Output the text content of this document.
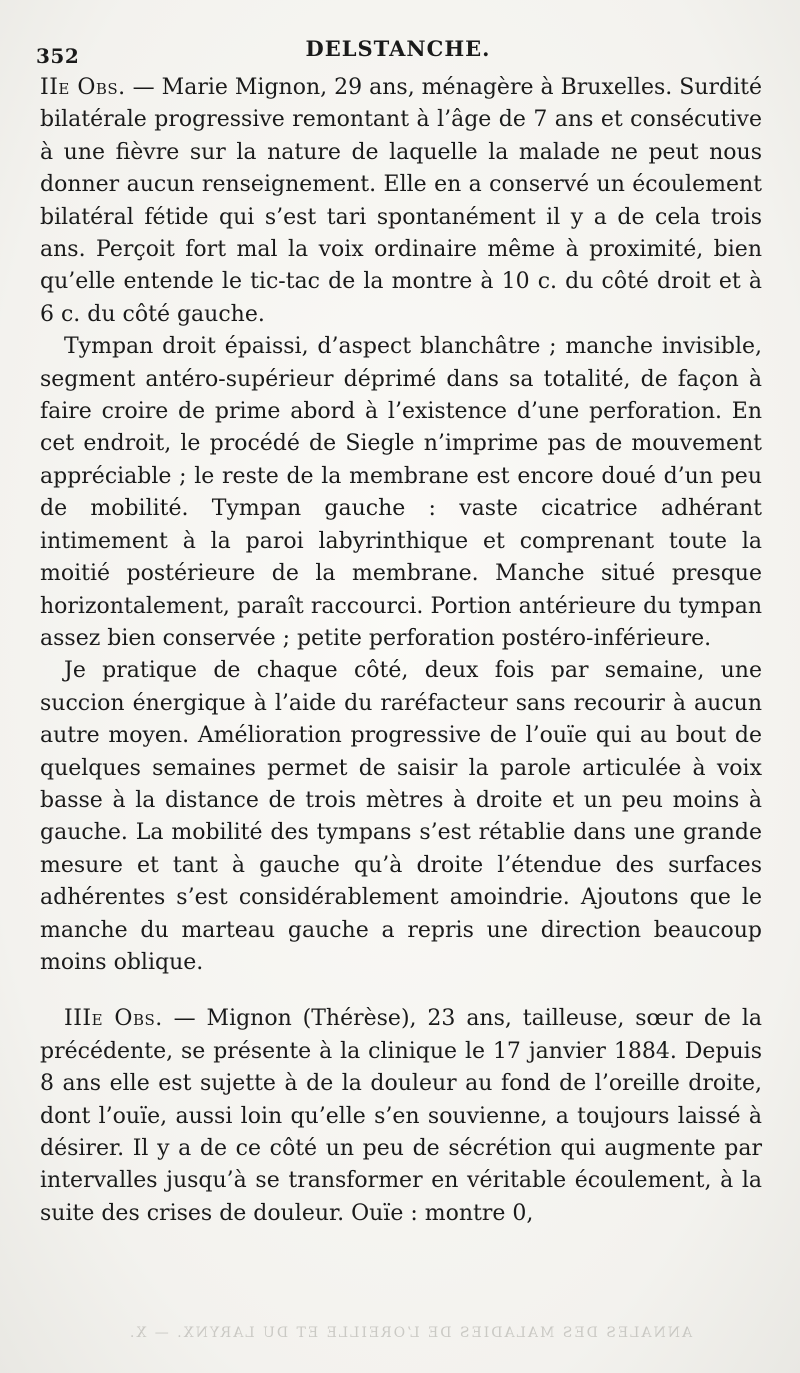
352	DELSTANCHE.

IIe Obs. — Marie Mignon, 29 ans, ménagère à Bruxelles. Surdité bilatérale progressive remontant à l’âge de 7 ans et consécutive à une fièvre sur la nature de laquelle la malade ne peut nous donner aucun renseignement. Elle en a conservé un écoulement bilatéral fétide qui s’est tari spontanément il y a de cela trois ans. Perçoit fort mal la voix ordinaire même à proximité, bien qu’elle entende le tic-tac de la montre à 10 c. du côté droit et à 6 c. du côté gauche.

Tympan droit épaissi, d’aspect blanchâtre ; manche invisible, segment antéro-supérieur déprimé dans sa totalité, de façon à faire croire de prime abord à l’existence d’une perforation. En cet endroit, le procédé de Siegle n’imprime pas de mouvement appréciable ; le reste de la membrane est encore doué d’un peu de mobilité. Tympan gauche : vaste cicatrice adhérant intimement à la paroi labyrinthique et comprenant toute la moitié postérieure de la membrane. Manche situé presque horizontalement, paraît raccourci. Portion antérieure du tympan assez bien conservée ; petite perforation postéro-inférieure.

Je pratique de chaque côté, deux fois par semaine, une succion énergique à l’aide du raréfacteur sans recourir à aucun autre moyen. Amélioration progressive de l’ouïe qui au bout de quelques semaines permet de saisir la parole articulée à voix basse à la distance de trois mètres à droite et un peu moins à gauche. La mobilité des tympans s’est rétablie dans une grande mesure et tant à gauche qu’à droite l’étendue des surfaces adhérentes s’est considérablement amoindrie. Ajoutons que le manche du marteau gauche a repris une direction beaucoup moins oblique.

IIIe Obs. — Mignon (Thérèse), 23 ans, tailleuse, sœur de la précédente, se présente à la clinique le 17 janvier 1884. Depuis 8 ans elle est sujette à de la douleur au fond de l’oreille droite, dont l’ouïe, aussi loin qu’elle s’en souvienne, a toujours laissé à désirer. Il y a de ce côté un peu de sécrétion qui augmente par intervalles jusqu’à se transformer en véritable écoulement, à la suite des crises de douleur. Ouïe : montre 0,

ANNALES DES MALADIES DE L’OREILLE ET DU LARYNX. — X.
